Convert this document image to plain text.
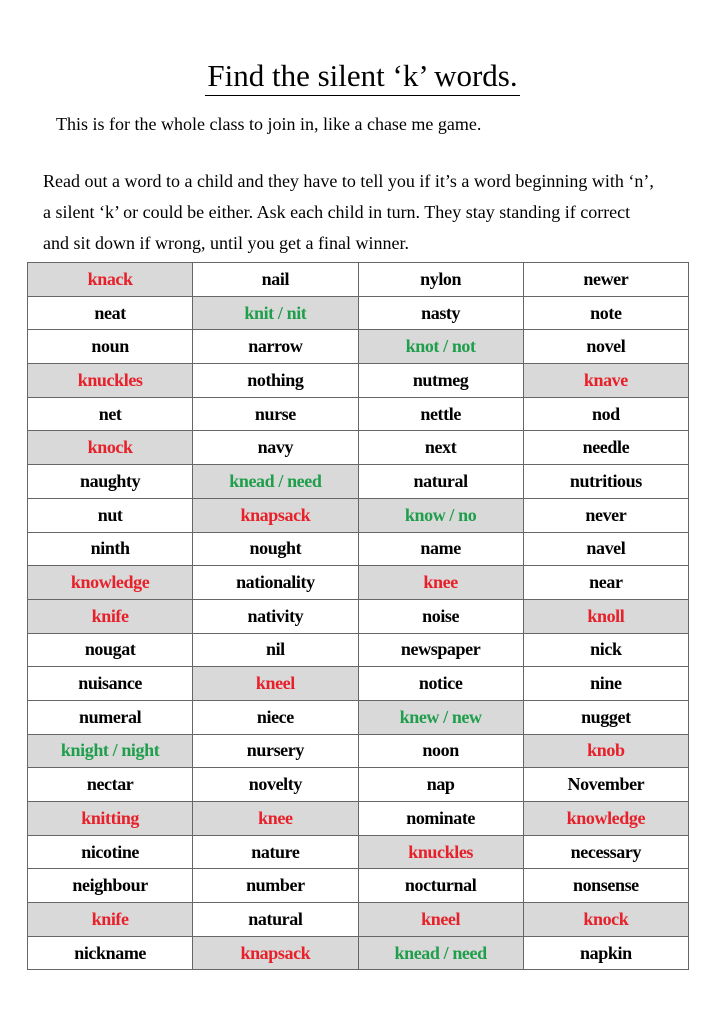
Find the silent ‘k’ words.
This is for the whole class to join in, like a chase me game.
Read out a word to a child and they have to tell you if it’s a word beginning with ‘n’,
a silent ‘k’ or could be either. Ask each child in turn. They stay standing if correct
and sit down if wrong, until you get a final winner.
knack	nail	nylon	newer
neat	knit / nit	nasty	note
noun	narrow	knot / not	novel
knuckles	nothing	nutmeg	knave
net	nurse	nettle	nod
knock	navy	next	needle
naughty	knead / need	natural	nutritious
nut	knapsack	know / no	never
ninth	nought	name	navel
knowledge	nationality	knee	near
knife	nativity	noise	knoll
nougat	nil	newspaper	nick
nuisance	kneel	notice	nine
numeral	niece	knew / new	nugget
knight / night	nursery	noon	knob
nectar	novelty	nap	November
knitting	knee	nominate	knowledge
nicotine	nature	knuckles	necessary
neighbour	number	nocturnal	nonsense
knife	natural	kneel	knock
nickname	knapsack	knead / need	napkin
